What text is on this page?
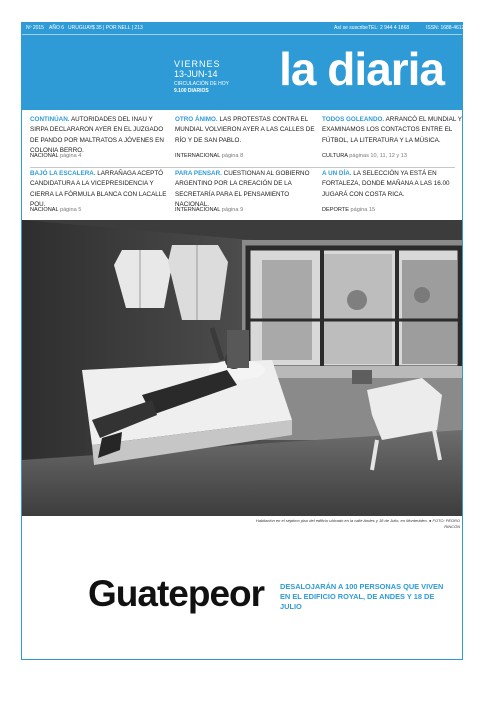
Nº 2015 AÑO 6 URUGUAY $ 35 | POR NELL | 213	Así se suscribe TEL: 2 944 4 1868	ISSN: 1688-4612
VIERNES
13-JUN-14
CIRCULACIÓN DE HOY
9.100 DIARIOS	la diaria
CONTINÚAN. AUTORIDADES DEL INAU Y SIRPA DECLARARON AYER EN EL JUZGADO DE PANDO POR MALTRATOS A JÓVENES EN COLONIA BERRO.
NACIONAL página 4
OTRO ÁNIMO. LAS PROTESTAS CONTRA EL MUNDIAL VOLVIERON AYER A LAS CALLES DE RÍO Y DE SAN PABLO.
INTERNACIONAL página 8
TODOS GOLEANDO. ARRANCÓ EL MUNDIAL Y EXAMINAMOS LOS CONTACTOS ENTRE EL FÚTBOL, LA LITERATURA Y LA MÚSICA.
CULTURA páginas 10, 11, 12 y 13
BAJÓ LA ESCALERA. LARRAÑAGA ACEPTÓ CANDIDATURA A LA VICEPRESIDENCIA Y CIERRA LA FÓRMULA BLANCA CON LACALLE POU.
NACIONAL página 5
PARA PENSAR. CUESTIONAN AL GOBIERNO ARGENTINO POR LA CREACIÓN DE LA SECRETARÍA PARA EL PENSAMIENTO NACIONAL.
INTERNACIONAL página 9
A UN DÍA. LA SELECCIÓN YA ESTÁ EN FORTALEZA, DONDE MAÑANA A LAS 16.00 JUGARÁ CON COSTA RICA.
DEPORTE página 15
Habitación en el séptimo piso del edificio ubicado en la calle Andes y 18 de Julio, en Montevideo. ● FOTO: PEDRO RINCÓN
Guatepeor DESALOJARÁN A 100 PERSONAS QUE VIVEN EN EL EDIFICIO ROYAL, DE ANDES Y 18 DE JULIO
